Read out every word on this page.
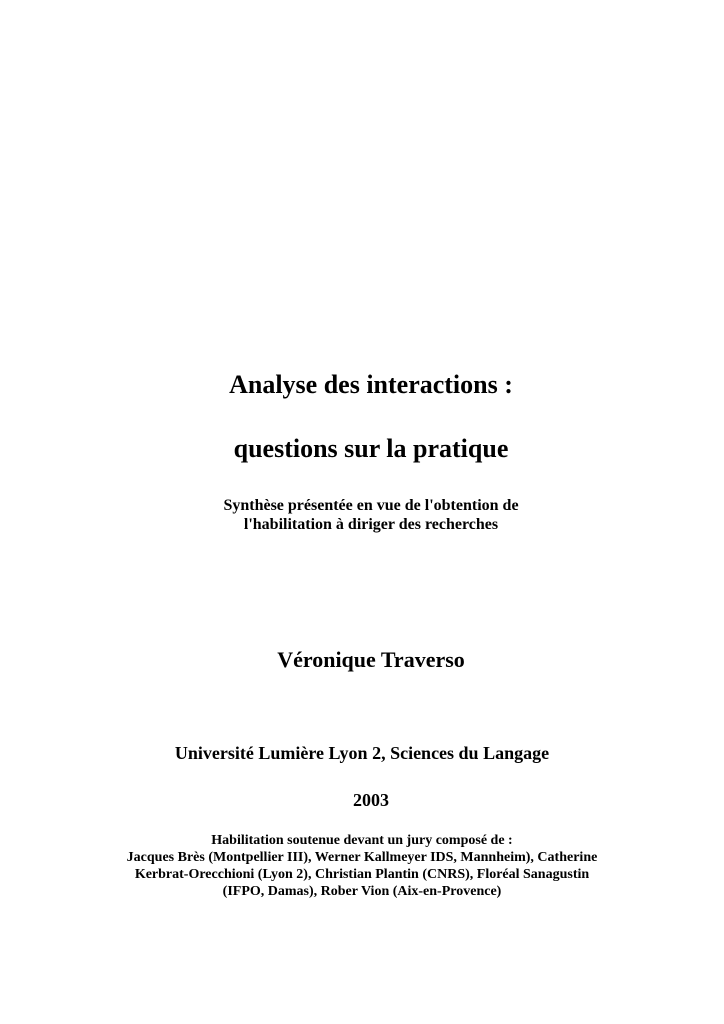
Analyse des interactions :
questions sur la pratique
Synthèse présentée en vue de l'obtention de
l'habilitation à diriger des recherches
Véronique Traverso
Université Lumière Lyon 2, Sciences du Langage
2003
Habilitation soutenue devant un jury composé de :
Jacques Brès (Montpellier III), Werner Kallmeyer IDS, Mannheim), Catherine
Kerbrat-Orecchioni (Lyon 2), Christian Plantin (CNRS), Floréal Sanagustin
(IFPO, Damas), Rober Vion (Aix-en-Provence)
